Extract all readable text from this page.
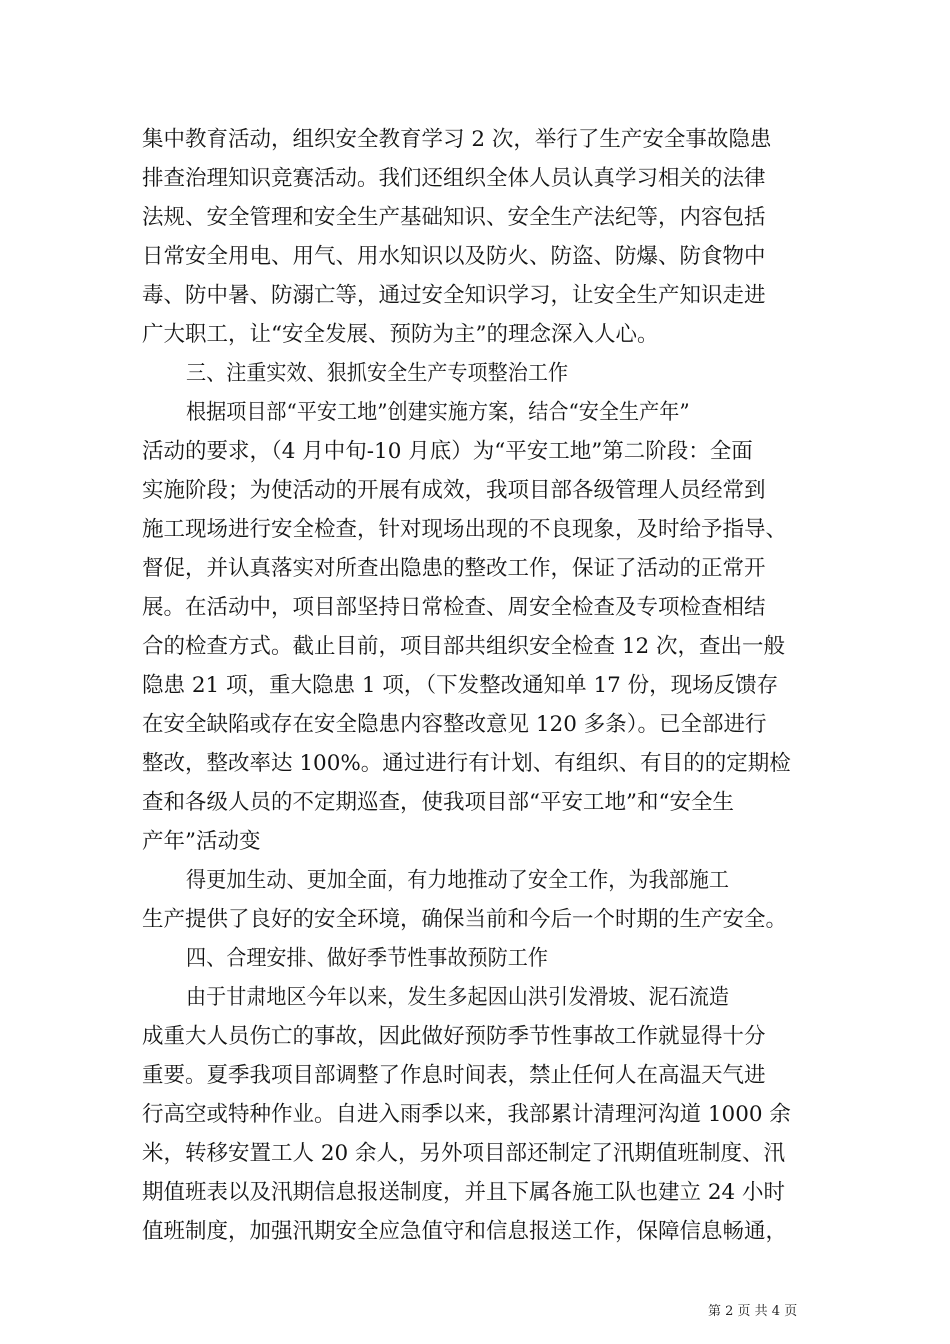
集中教育活动，组织安全教育学习 2 次，举行了生产安全事故隐患
排查治理知识竞赛活动。我们还组织全体人员认真学习相关的法律
法规、安全管理和安全生产基础知识、安全生产法纪等，内容包括
日常安全用电、用气、用水知识以及防火、防盗、防爆、防食物中
毒、防中暑、防溺亡等，通过安全知识学习，让安全生产知识走进
广大职工，让“安全发展、预防为主”的理念深入人心。
三、注重实效、狠抓安全生产专项整治工作
根据项目部“平安工地”创建实施方案，结合“安全生产年”
活动的要求，（4 月中旬-10 月底）为“平安工地”第二阶段：全面
实施阶段；为使活动的开展有成效，我项目部各级管理人员经常到
施工现场进行安全检查，针对现场出现的不良现象，及时给予指导、
督促，并认真落实对所查出隐患的整改工作，保证了活动的正常开
展。在活动中，项目部坚持日常检查、周安全检查及专项检查相结
合的检查方式。截止目前，项目部共组织安全检查 12 次，查出一般
隐患 21 项，重大隐患 1 项，（下发整改通知单 17 份，现场反馈存
在安全缺陷或存在安全隐患内容整改意见 120 多条）。已全部进行
整改，整改率达 100%。通过进行有计划、有组织、有目的的定期检
查和各级人员的不定期巡查，使我项目部“平安工地”和“安全生
产年”活动变
得更加生动、更加全面，有力地推动了安全工作，为我部施工
生产提供了良好的安全环境，确保当前和今后一个时期的生产安全。
四、合理安排、做好季节性事故预防工作
由于甘肃地区今年以来，发生多起因山洪引发滑坡、泥石流造
成重大人员伤亡的事故，因此做好预防季节性事故工作就显得十分
重要。夏季我项目部调整了作息时间表，禁止任何人在高温天气进
行高空或特种作业。自进入雨季以来，我部累计清理河沟道 1000 余
米，转移安置工人 20 余人，另外项目部还制定了汛期值班制度、汛
期值班表以及汛期信息报送制度，并且下属各施工队也建立 24 小时
值班制度，加强汛期安全应急值守和信息报送工作，保障信息畅通，
第 2 页 共 4 页
